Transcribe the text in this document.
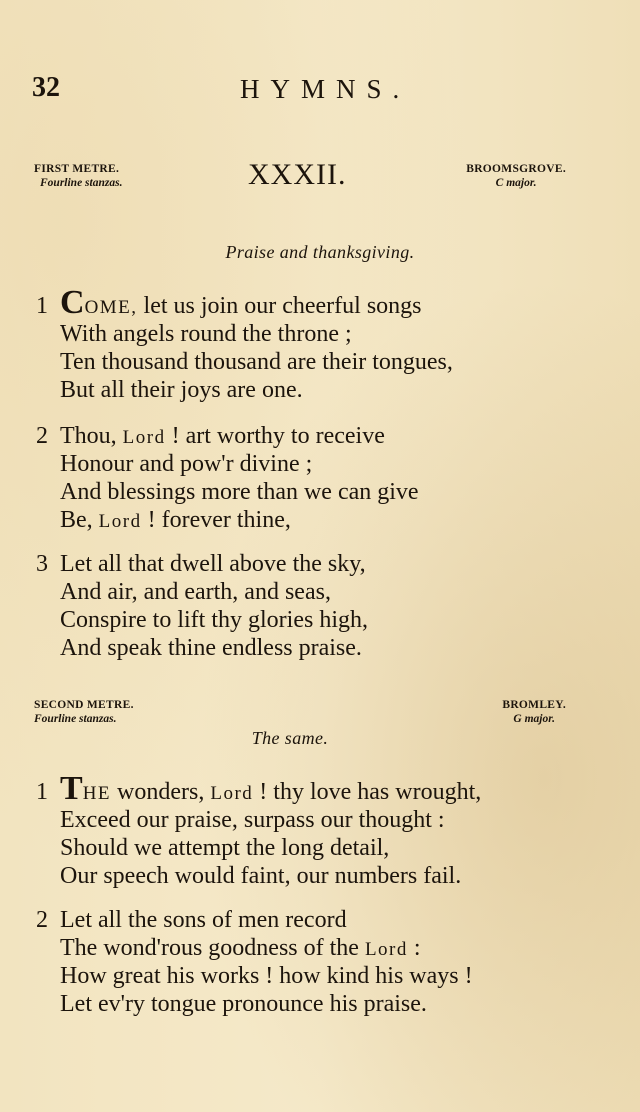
32	HYMNS.
FIRST METRE.
Fourline stanzas.	XXXII.	BROOMSGROVE.
C major.
Praise and thanksgiving.
1 COME, let us join our cheerful songs
With angels round the throne ;
Ten thousand thousand are their tongues,
But all their joys are one.
2 Thou, Lord ! art worthy to receive
Honour and pow'r divine ;
And blessings more than we can give
Be, Lord ! forever thine,
3 Let all that dwell above the sky,
And air, and earth, and seas,
Conspire to lift thy glories high,
And speak thine endless praise.
SECOND METRE.
Fourline stanzas.
BROMLEY.
G major.
The same.
1 THE wonders, Lord ! thy love has wrought,
Exceed our praise, surpass our thought :
Should we attempt the long detail,
Our speech would faint, our numbers fail.
2 Let all the sons of men record
The wond'rous goodness of the Lord :
How great his works ! how kind his ways !
Let ev'ry tongue pronounce his praise.
